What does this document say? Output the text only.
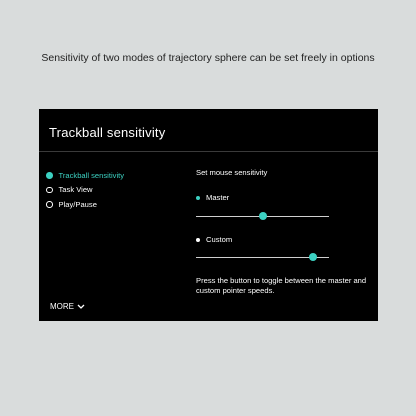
Sensitivity of two modes of trajectory sphere can be set freely in options
Trackball sensitivity
Trackball sensitivity
Task View
Play/Pause
Set mouse sensitivity
Master
Custom
Press the button to toggle between the master and custom pointer speeds.
MORE
